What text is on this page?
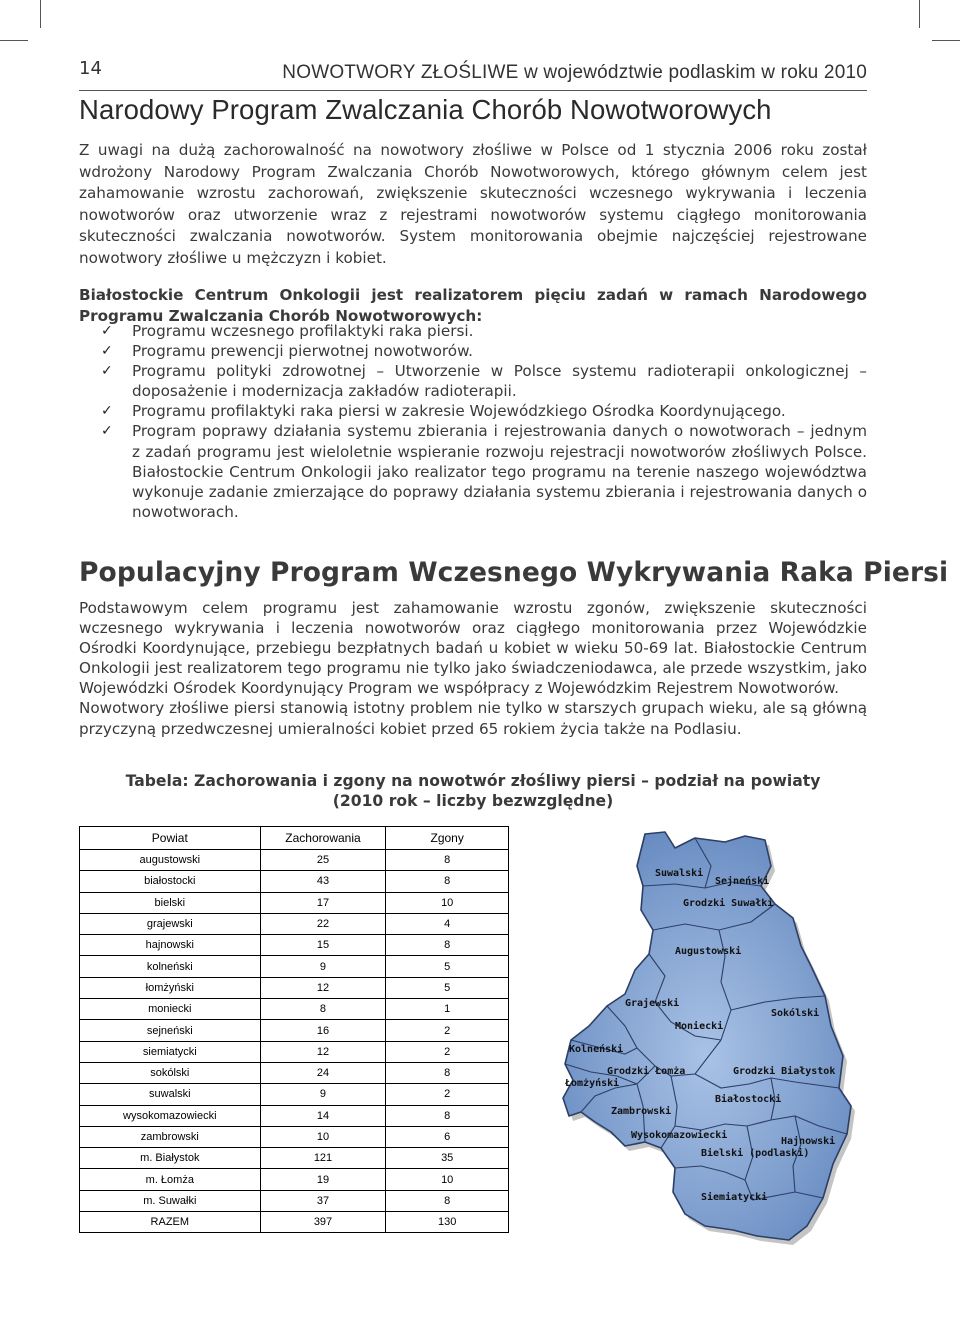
14	NOWOTWORY ZŁOŚLIWE w województwie podlaskim w roku 2010
Narodowy Program Zwalczania Chorób Nowotworowych

Z uwagi na dużą zachorowalność na nowotwory złośliwe w Polsce od 1 stycznia 2006 roku został wdrożony Narodowy Program Zwalczania Chorób Nowotworowych, którego głównym celem jest zahamowanie wzrostu zachorowań, zwiększenie skuteczności wczesnego wykrywania i leczenia nowotworów oraz utworzenie wraz z rejestrami nowotworów systemu ciągłego monitorowania skuteczności zwalczania nowotworów. System monitorowania obejmie najczęściej rejestrowane nowotwory złośliwe u mężczyzn i kobiet.

Białostockie Centrum Onkologii jest realizatorem pięciu zadań w ramach Narodowego Programu Zwalczania Chorób Nowotworowych:

✓ Programu wczesnego profilaktyki raka piersi.
✓ Programu prewencji pierwotnej nowotworów.
✓ Programu polityki zdrowotnej – Utworzenie w Polsce systemu radioterapii onkologicznej – doposażenie i modernizacja zakładów radioterapii.
✓ Programu profilaktyki raka piersi w zakresie Wojewódzkiego Ośrodka Koordynującego.
✓ Program poprawy działania systemu zbierania i rejestrowania danych o nowotworach – jednym z zadań programu jest wieloletnie wspieranie rozwoju rejestracji nowotworów złośliwych Polsce. Białostockie Centrum Onkologii jako realizator tego programu na terenie naszego województwa wykonuje zadanie zmierzające do poprawy działania systemu zbierania i rejestrowania danych o nowotworach.
Populacyjny Program Wczesnego Wykrywania Raka Piersi

Podstawowym celem programu jest zahamowanie wzrostu zgonów, zwiększenie skuteczności wczesnego wykrywania i leczenia nowotworów oraz ciągłego monitorowania przez Wojewódzkie Ośrodki Koordynujące, przebiegu bezpłatnych badań u kobiet w wieku 50-69 lat. Białostockie Centrum Onkologii jest realizatorem tego programu nie tylko jako świadczeniodawca, ale przede wszystkim, jako Wojewódzki Ośrodek Koordynujący Program we współpracy z Wojewódzkim Rejestrem Nowotworów.

Nowotwory złośliwe piersi stanowią istotny problem nie tylko w starszych grupach wieku, ale są główną przyczyną przedwczesnej umieralności kobiet przed 65 rokiem życia także na Podlasiu.

Tabela: Zachorowania i zgony na nowotwór złośliwy piersi – podział na powiaty
(2010 rok – liczby bezwzględne)
Powiat	Zachorowania	Zgony
augustowski	25	8
białostocki	43	8
bielski	17	10
grajewski	22	4
hajnowski	15	8
kolneński	9	5
łomżyński	12	5
moniecki	8	1
sejneński	16	2
siemiatycki	12	2
sokólski	24	8
suwalski	9	2
wysokomazowiecki	14	8
zambrowski	10	6
m. Białystok	121	35
m. Łomża	19	10
m. Suwałki	37	8
RAZEM	397	130
Suwalski
Sejneński
Grodzki Suwałki
Augustowski
Grajewski
Moniecki
Sokólski
Kolneński
Grodzki Łomża
Łomżyński
Grodzki Białystok
Zambrowski
Białostocki
Wysokomazowiecki
Hajnowski
Bielski (podlaski)
Siemiatycki
